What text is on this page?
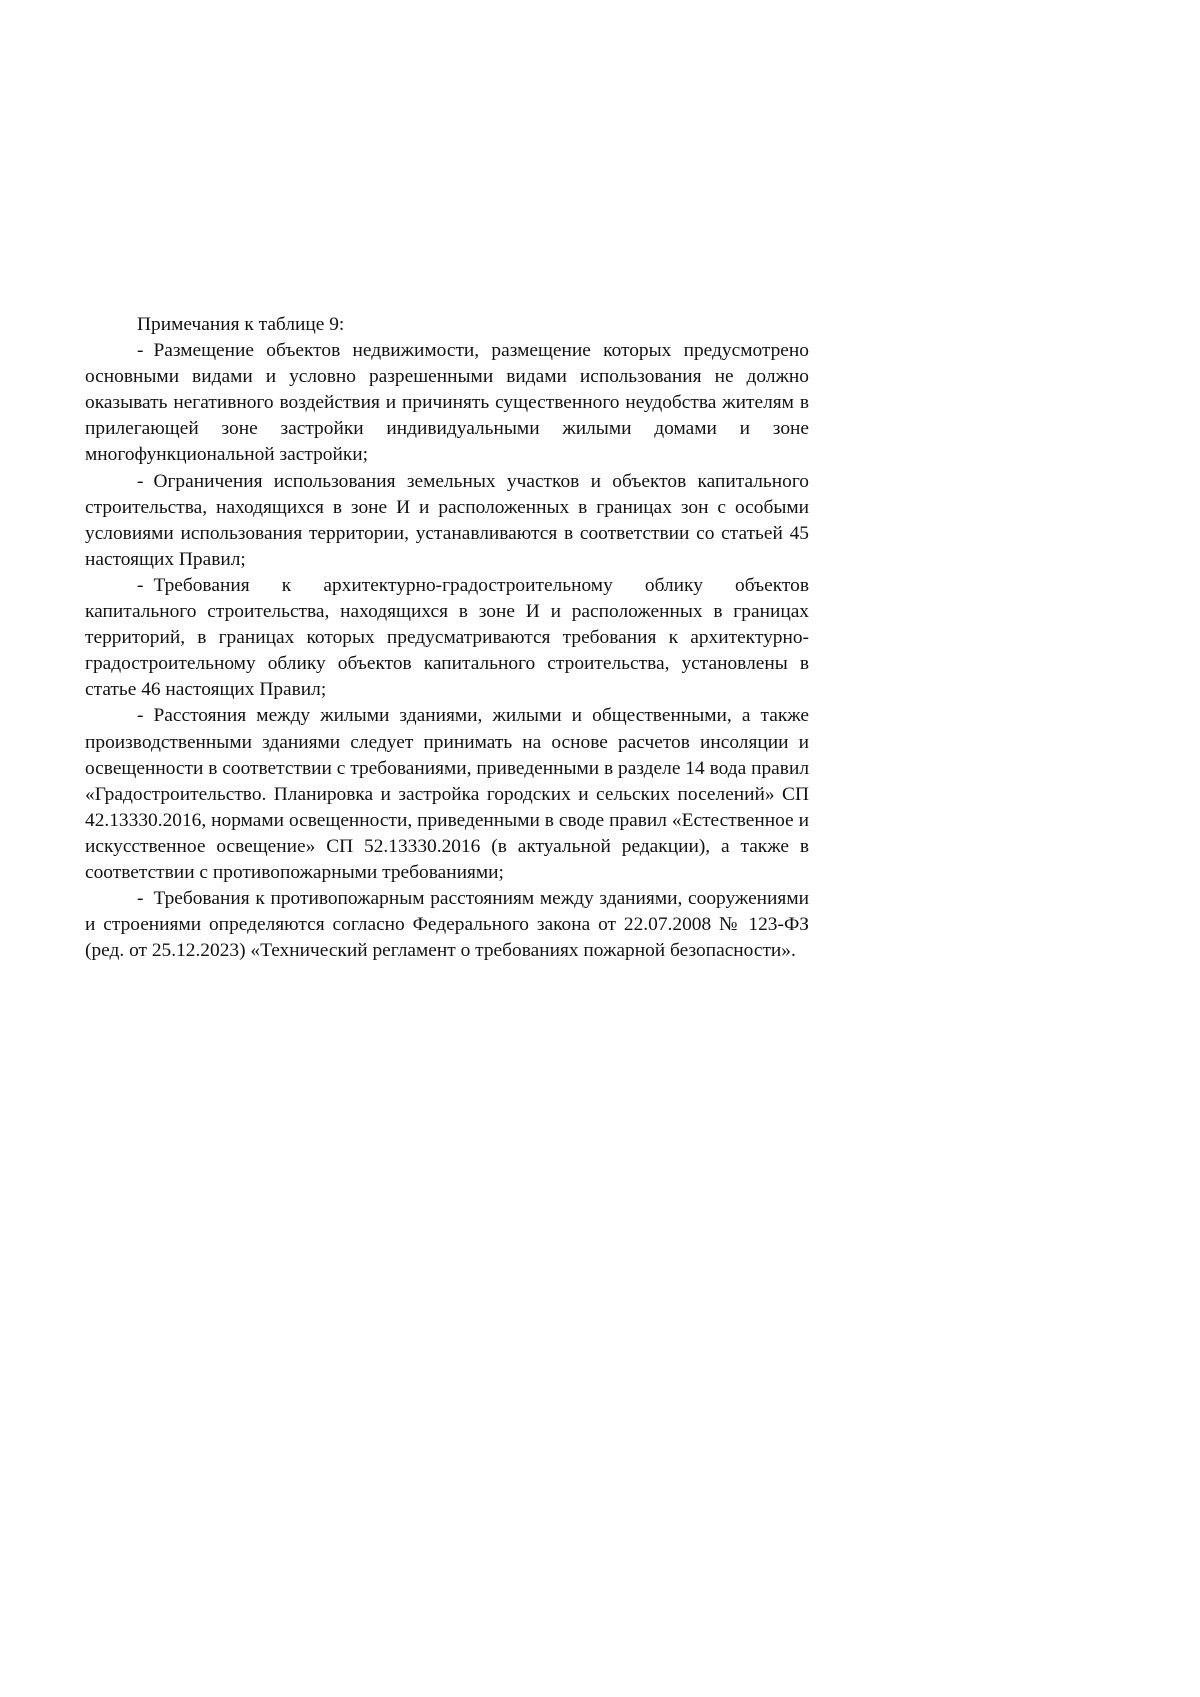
Примечания к таблице 9:

- Размещение объектов недвижимости, размещение которых предусмотрено основными видами и условно разрешенными видами использования не должно оказывать негативного воздействия и причинять существенного неудобства жителям в прилегающей зоне застройки индивидуальными жилыми домами и зоне многофункциональной застройки;

- Ограничения использования земельных участков и объектов капитального строительства, находящихся в зоне И и расположенных в границах зон с особыми условиями использования территории, устанавливаются в соответствии со статьей 45 настоящих Правил;

- Требования к архитектурно-градостроительному облику объектов капитального строительства, находящихся в зоне И и расположенных в границах территорий, в границах которых предусматриваются требования к архитектурно-градостроительному облику объектов капитального строительства, установлены в статье 46 настоящих Правил;

- Расстояния между жилыми зданиями, жилыми и общественными, а также производственными зданиями следует принимать на основе расчетов инсоляции и освещенности в соответствии с требованиями, приведенными в разделе 14 вода правил «Градостроительство. Планировка и застройка городских и сельских поселений» СП 42.13330.2016, нормами освещенности, приведенными в своде правил «Естественное и искусственное освещение» СП 52.13330.2016 (в актуальной редакции), а также в соответствии с противопожарными требованиями;

- Требования к противопожарным расстояниям между зданиями, сооружениями и строениями определяются согласно Федерального закона от 22.07.2008 № 123-ФЗ (ред. от 25.12.2023) «Технический регламент о требованиях пожарной безопасности».
